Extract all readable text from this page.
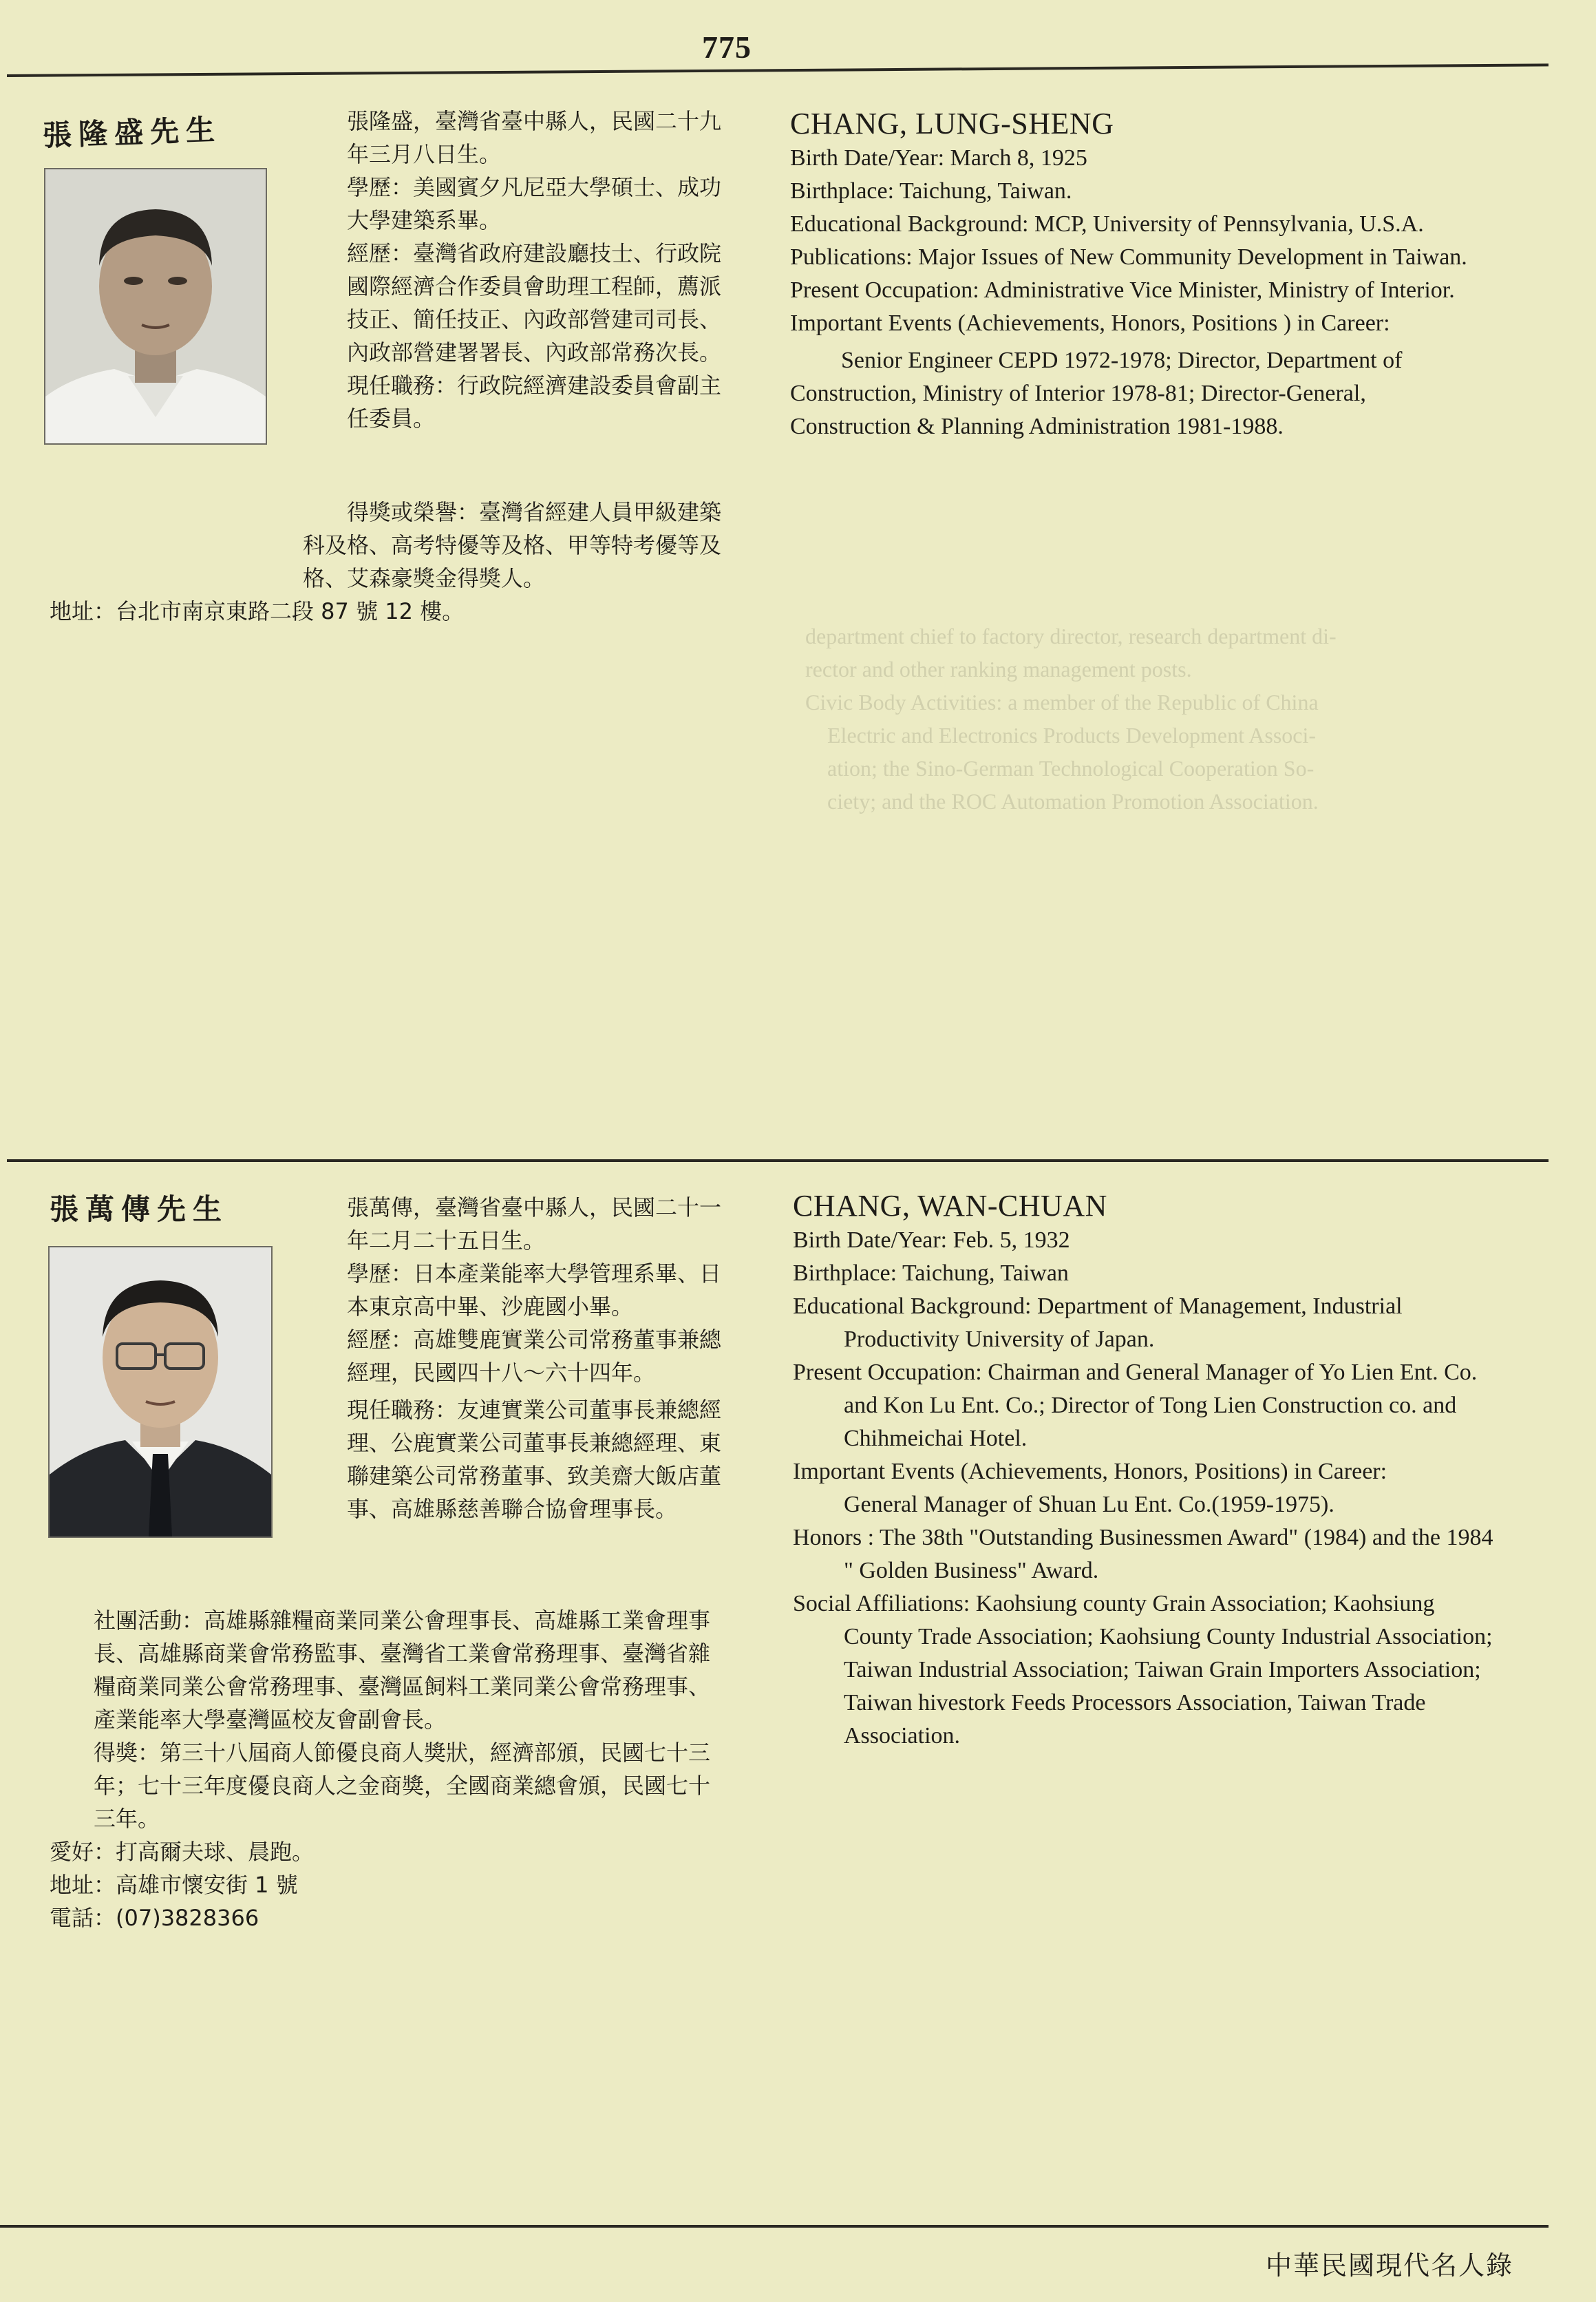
775
department chief to factory director, research department di-
rector and other ranking management posts.
Civic Body Activities: a member of the Republic of China
Electric and Electronics Products Development Associ-
ation; the Sino-German Technological Cooperation So-
ciety; and the ROC Automation Promotion Association.
張隆盛先生	張隆盛，臺灣省臺中縣人，民國二十九年三月八日生。

學歷：美國賓夕凡尼亞大學碩士、成功大學建築系畢。

經歷：臺灣省政府建設廳技士、行政院國際經濟合作委員會助理工程師，薦派技正、簡任技正、內政部營建司司長、內政部營建署署長、內政部常務次長。

現任職務：行政院經濟建設委員會副主任委員。

得獎或榮譽：臺灣省經建人員甲級建築科及格、高考特優等及格、甲等特考優等及格、艾森豪獎金得獎人。

地址：台北市南京東路二段 87 號 12 樓。

CHANG, LUNG-SHENG

Birth Date/Year: March 8, 1925

Birthplace: Taichung, Taiwan.

Educational Background: MCP, University of Pennsylvania, U.S.A.

Publications: Major Issues of New Community Development in Taiwan.

Present Occupation: Administrative Vice Minister, Ministry of Interior.

Important Events (Achievements, Honors, Positions ) in Career:

Senior Engineer CEPD 1972-1978; Director, Department of Construction, Ministry of Interior 1978-81; Director-General, Construction & Planning Administration 1981-1988.

張萬傳先生	張萬傳，臺灣省臺中縣人，民國二十一年二月二十五日生。

學歷：日本產業能率大學管理系畢、日本東京高中畢、沙鹿國小畢。

經歷：高雄雙鹿實業公司常務董事兼總經理，民國四十八～六十四年。

現任職務：友連實業公司董事長兼總經理、公鹿實業公司董事長兼總經理、東聯建築公司常務董事、致美齋大飯店董事、高雄縣慈善聯合協會理事長。

社團活動：高雄縣雜糧商業同業公會理事長、高雄縣工業會理事長、高雄縣商業會常務監事、臺灣省工業會常務理事、臺灣省雜糧商業同業公會常務理事、臺灣區飼料工業同業公會常務理事、產業能率大學臺灣區校友會副會長。

得獎：第三十八屆商人節優良商人獎狀，經濟部頒，民國七十三年；七十三年度優良商人之金商獎，全國商業總會頒，民國七十三年。

愛好：打高爾夫球、晨跑。

地址：高雄市懷安街 1 號

電話：(07)3828366

CHANG, WAN-CHUAN

Birth Date/Year: Feb. 5, 1932

Birthplace: Taichung, Taiwan

Educational Background: Department of Management, Industrial Productivity University of Japan.

Present Occupation: Chairman and General Manager of Yo Lien Ent. Co. and Kon Lu Ent. Co.; Director of Tong Lien Construction co. and Chihmeichai Hotel.

Important Events (Achievements, Honors, Positions) in Career:

General Manager of Shuan Lu Ent. Co.(1959-1975).

Honors : The 38th "Outstanding Businessmen Award" (1984) and the 1984 " Golden Business" Award.

Social Affiliations: Kaohsiung county Grain Association; Kaohsiung County Trade Association; Kaohsiung County Industrial Association; Taiwan Industrial Association; Taiwan Grain Importers Association; Taiwan hivestork Feeds Processors Association, Taiwan Trade Association.

中華民國現代名人錄
